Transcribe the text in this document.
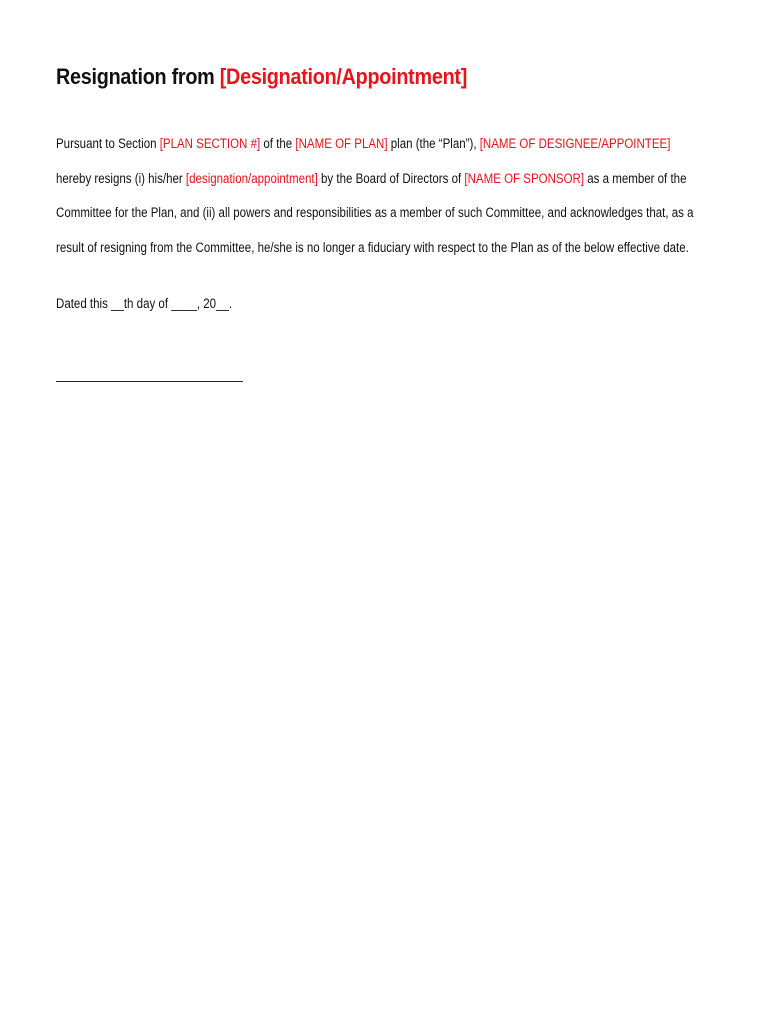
Resignation from [Designation/Appointment]

Pursuant to Section [PLAN SECTION #] of the [NAME OF PLAN] plan (the “Plan”), [NAME OF DESIGNEE/APPOINTEE]
hereby resigns (i) his/her [designation/appointment] by the Board of Directors of [NAME OF SPONSOR] as a member of the
Committee for the Plan, and (ii) all powers and responsibilities as a member of such Committee, and acknowledges that, as a
result of resigning from the Committee, he/she is no longer a fiduciary with respect to the Plan as of the below effective date.

Dated this __th day of ____, 20__.
